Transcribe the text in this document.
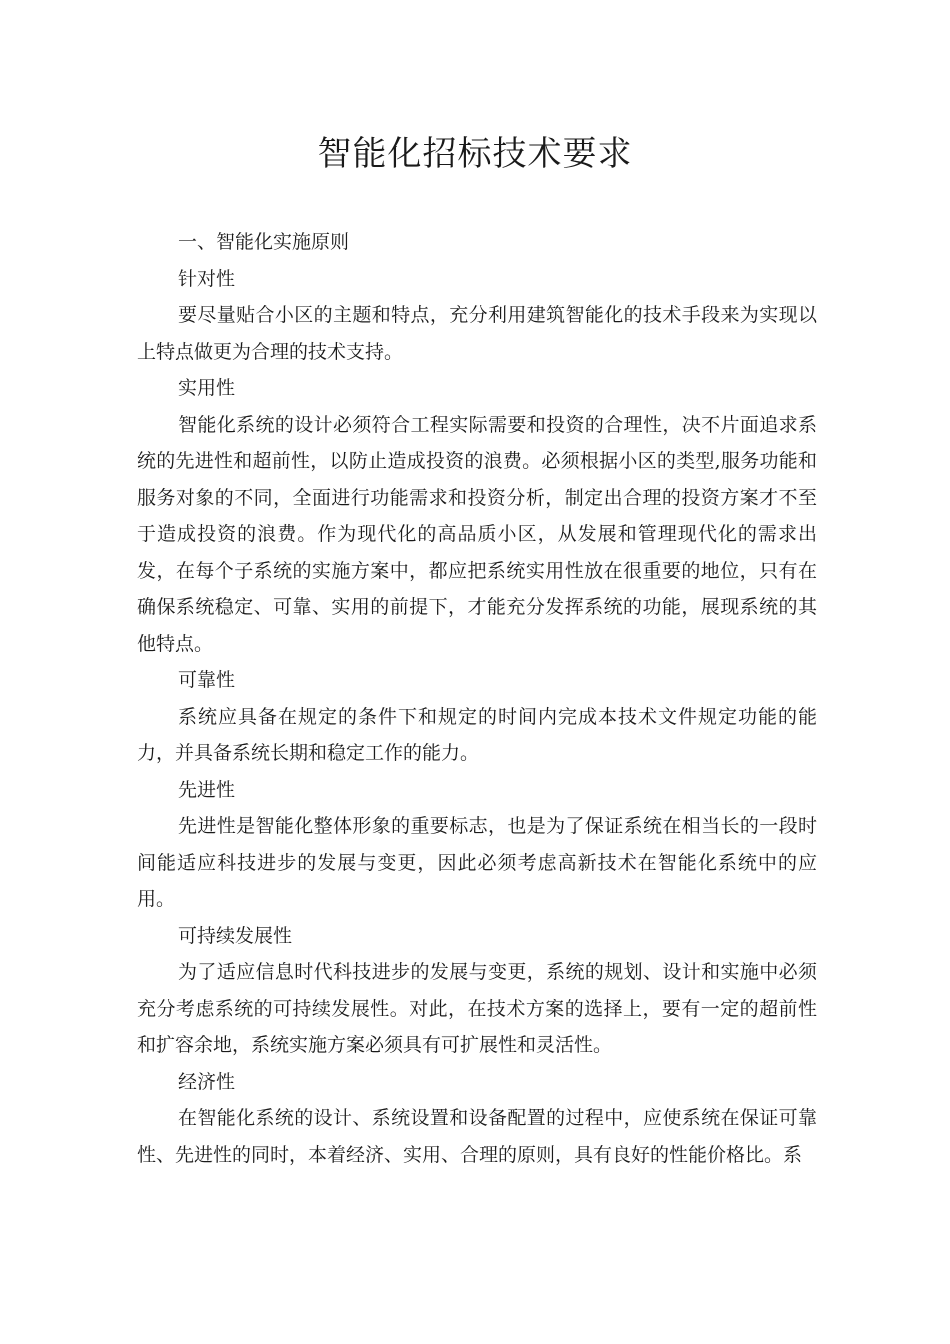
智能化招标技术要求

一、智能化实施原则

针对性

要尽量贴合小区的主题和特点，充分利用建筑智能化的技术手段来为实现以上特点做更为合理的技术支持。

实用性

智能化系统的设计必须符合工程实际需要和投资的合理性，决不片面追求系统的先进性和超前性，以防止造成投资的浪费。必须根据小区的类型,服务功能和服务对象的不同，全面进行功能需求和投资分析，制定出合理的投资方案才不至于造成投资的浪费。作为现代化的高品质小区，从发展和管理现代化的需求出发，在每个子系统的实施方案中，都应把系统实用性放在很重要的地位，只有在确保系统稳定、可靠、实用的前提下，才能充分发挥系统的功能，展现系统的其他特点。

可靠性

系统应具备在规定的条件下和规定的时间内完成本技术文件规定功能的能力，并具备系统长期和稳定工作的能力。

先进性

先进性是智能化整体形象的重要标志，也是为了保证系统在相当长的一段时间能适应科技进步的发展与变更，因此必须考虑高新技术在智能化系统中的应用。

可持续发展性

为了适应信息时代科技进步的发展与变更，系统的规划、设计和实施中必须充分考虑系统的可持续发展性。对此，在技术方案的选择上，要有一定的超前性和扩容余地，系统实施方案必须具有可扩展性和灵活性。

经济性

在智能化系统的设计、系统设置和设备配置的过程中，应使系统在保证可靠性、先进性的同时，本着经济、实用、合理的原则，具有良好的性能价格比。系
